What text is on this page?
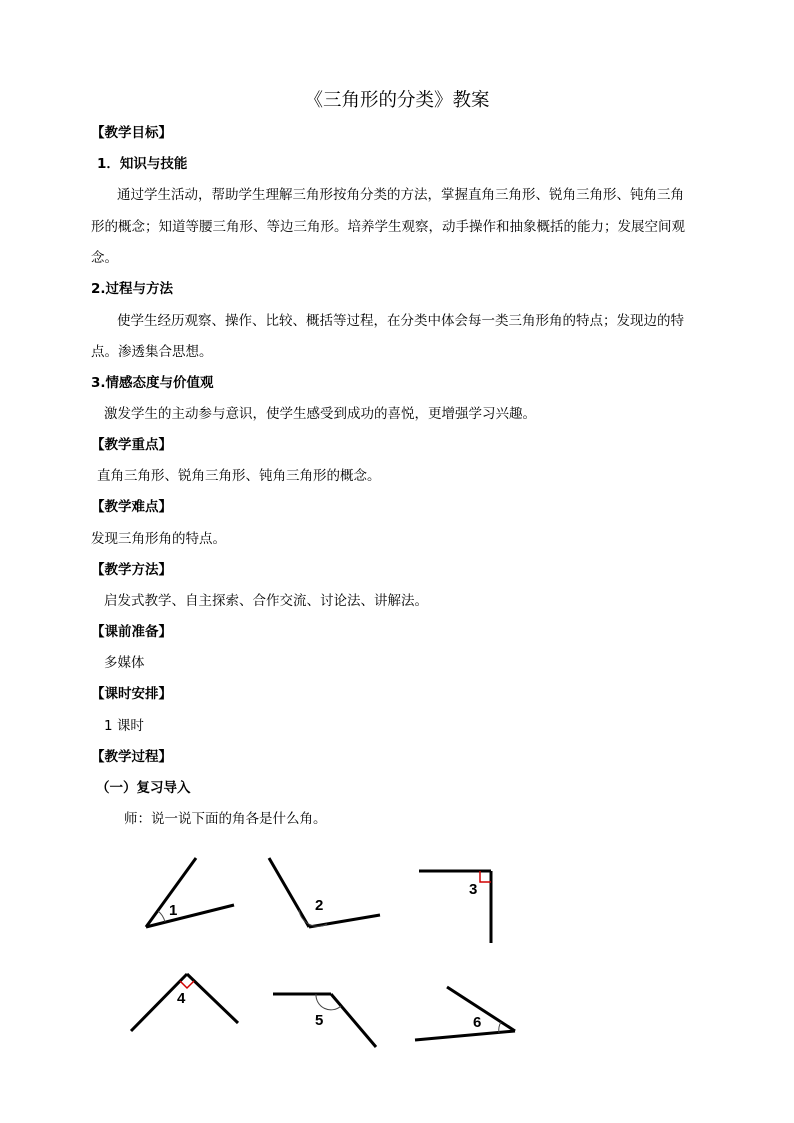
《三角形的分类》教案
【教学目标】
1．知识与技能
通过学生活动，帮助学生理解三角形按角分类的方法，掌握直角三角形、锐角三角形、钝角三角
形的概念；知道等腰三角形、等边三角形。培养学生观察，动手操作和抽象概括的能力；发展空间观
念。
2.过程与方法
使学生经历观察、操作、比较、概括等过程，在分类中体会每一类三角形角的特点；发现边的特
点。渗透集合思想。
3.情感态度与价值观
激发学生的主动参与意识，使学生感受到成功的喜悦，更增强学习兴趣。
【教学重点】
直角三角形、锐角三角形、钝角三角形的概念。
【教学难点】
发现三角形角的特点。
【教学方法】
启发式教学、自主探索、合作交流、讨论法、讲解法。
【课前准备】
多媒体
【课时安排】
1 课时
【教学过程】
（一）复习导入
师：说一说下面的角各是什么角。
1	2
3
4
5	6
